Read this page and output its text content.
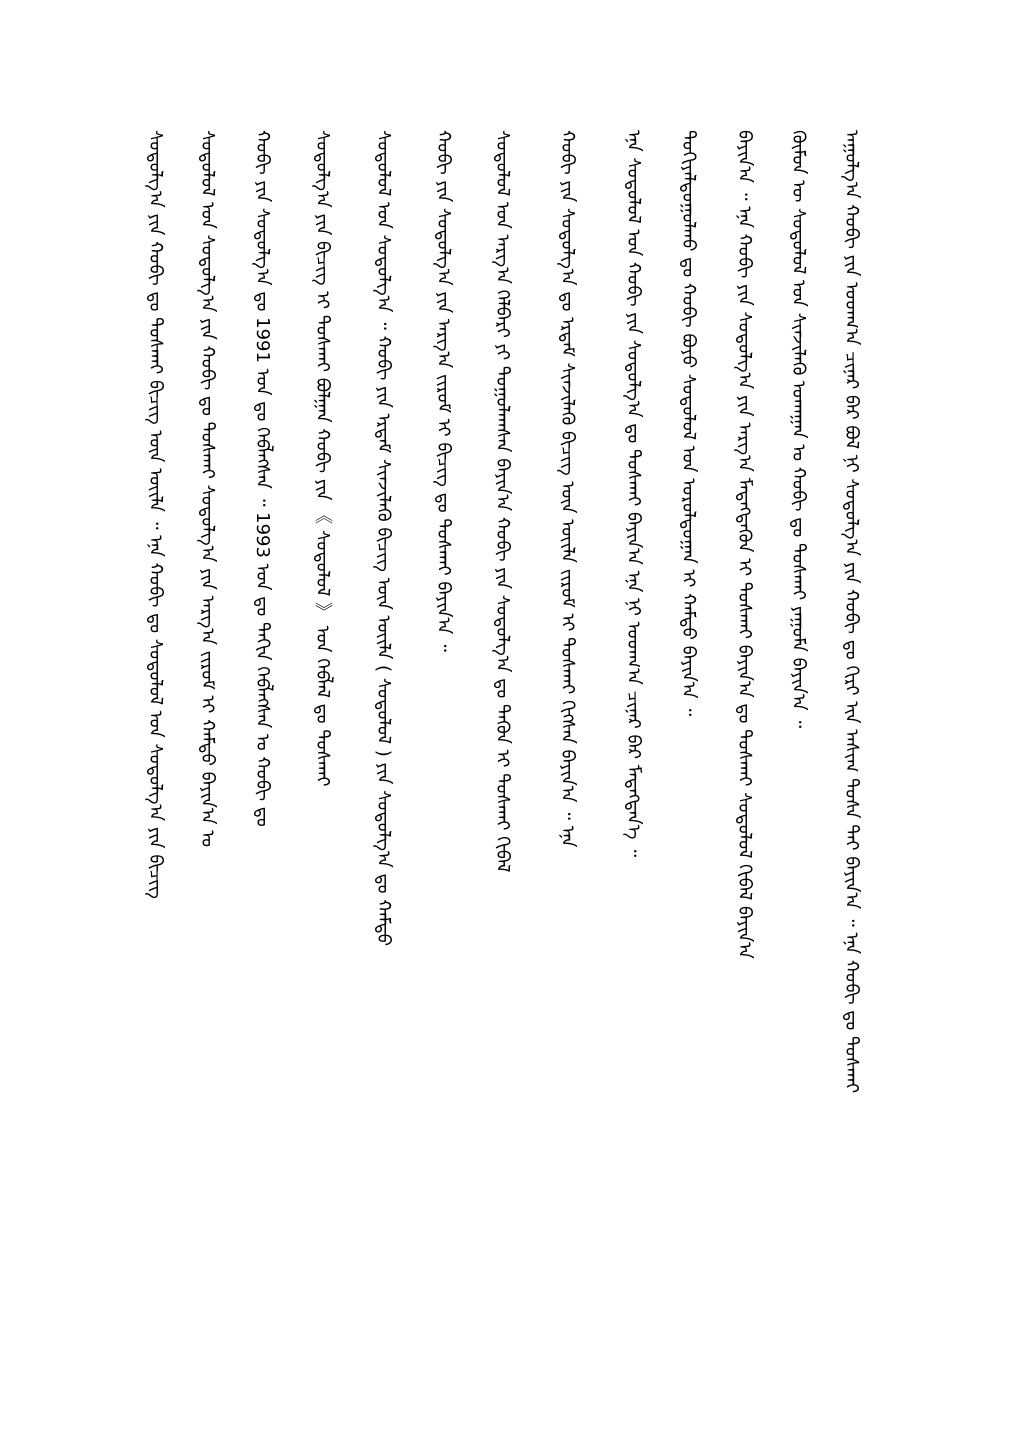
ᠠᠭᠤᠯᠭ᠎ᠠ ᠬᠤᠪᠢ ᠶᠢᠨ ᠤᠳᠬ᠎ᠠ ᠴᠢᠨᠠᠷ ᠪᠠᠷ ᠪᠤᠯ ᠨᠢ ᠰᠤᠳᠤᠯᠭ᠎ᠠ ᠶᠢᠨ ᠬᠤᠪᠢ ᠳᠤ ᠬᠢᠷᠢ ᠢᠨ ᠠᠰᠢᠭ ᠲᠤᠰᠠ ᠲᠠᠢ ᠪᠠᠶᠢᠨ᠎ᠠ ᠃ ᠡᠨᠡ ᠬᠤᠪᠢ ᠳᠤ ᠲᠤᠰᠬᠠᠢ
ᠬᠦᠮᠦᠨ ᠦ ᠰᠤᠳᠤᠯᠤᠯ ᠤᠨ ᠰᠢᠨᠵᠢᠯᠡᠬᠦ ᠤᠬᠠᠭᠠᠨ ᠤ ᠬᠤᠪᠢ ᠳᠤ ᠲᠤᠰᠬᠠᠢ ᠶᠠᠭᠤᠮᠠ ᠪᠠᠶᠢᠨ᠎ᠠ ᠃
ᠪᠠᠶᠢᠨ᠎ᠠ ᠃ ᠡᠨᠡ ᠬᠤᠪᠢ ᠶᠢᠨ ᠰᠤᠳᠤᠯᠭ᠎ᠠ ᠶᠢᠨ ᠠᠷᠭ᠎ᠠ ᠮᠡᠳᠡᠭᠳᠡᠬᠦᠨ ᠢ ᠲᠤᠰᠬᠠᠢ ᠪᠠᠶᠢᠨ᠎ᠠ ᠳᠤ ᠲᠤᠰᠬᠠᠢ ᠰᠤᠳᠤᠯᠤᠯ ᠬᠢᠪᠡᠯ ᠪᠠᠶᠢᠨ᠎ᠠ
ᠳᠤᠬᠢᠶᠠᠯᠳᠤᠭᠤᠯᠬᠤ ᠳᠤ ᠬᠤᠪᠢ ᠪᠤᠶᠤ ᠰᠤᠳᠤᠯᠤᠯ ᠤᠨ ᠤᠷᠤᠯᠳᠤᠭᠠᠨ ᠢ ᠬᠠᠮᠲᠤ ᠪᠠᠶᠢᠨ᠎ᠠ ᠃
ᠡᠨᠡ ᠰᠤᠳᠤᠯᠤᠯ ᠤᠨ ᠬᠤᠪᠢ ᠶᠢᠨ ᠰᠤᠳᠤᠯᠭ᠎ᠠ ᠳᠤ ᠲᠤᠰᠬᠠᠢ ᠪᠠᠶᠢᠨ᠎ᠠ ᠡᠨᠡ ᠨᠢ ᠤᠳᠬ᠎ᠠ ᠴᠢᠨᠠᠷ ᠪᠠᠷ ᠮᠡᠳᠡᠭᠳᠡᠨ᠎ᠡ ᠃
ᠬᠤᠪᠢ ᠶᠢᠨ ᠰᠤᠳᠤᠯᠭ᠎ᠠ ᠳᠤ ᠡᠷᠳᠡᠮ ᠰᠢᠨᠵᠢᠯᠡᠬᠦ ᠪᠢᠴᠢᠭ ᠦᠨ ᠦᠢᠯᠡ ᠵᠢᠷᠤᠮ ᠢ ᠲᠤᠰᠬᠠᠢ ᠬᠢᠭᠰᠡᠨ ᠪᠠᠶᠢᠨ᠎ᠠ ᠃ ᠡᠨᠡ
ᠰᠤᠳᠤᠯᠤᠯ ᠤᠨ ᠠᠷᠭ᠎ᠠ ᠬᠡᠯᠪᠡᠷᠢ ᠶᠢ ᠳᠤᠭᠤᠯᠠᠭᠰᠠᠨ ᠪᠠᠶᠢᠨ᠎ᠠ ᠬᠤᠪᠢ ᠶᠢᠨ ᠰᠤᠳᠤᠯᠭ᠎ᠠ ᠳᠤ ᠳᠡᠬᠦᠨ ᠢ ᠲᠤᠰᠬᠠᠢ ᠬᠢᠪᠡᠯ
ᠬᠤᠪᠢ ᠶᠢᠨ ᠰᠤᠳᠤᠯᠭ᠎ᠠ ᠶᠢᠨ ᠠᠷᠭ᠎ᠠ ᠵᠢᠷᠤᠮ ᠢ ᠪᠢᠴᠢᠭ ᠳᠤ ᠲᠤᠰᠬᠠᠢ ᠪᠠᠶᠢᠨ᠎ᠠ ᠃
ᠰᠤᠳᠤᠯᠤᠯ ᠤᠨ ᠰᠤᠳᠤᠯᠭ᠎ᠠ ᠃ ᠬᠤᠪᠢ ᠶᠢᠨ ᠡᠷᠳᠡᠮ ᠰᠢᠨᠵᠢᠯᠡᠬᠦ ᠪᠢᠴᠢᠭ ᠦᠨ ᠦᠢᠯᠡ ( ᠰᠤᠳᠤᠯᠤᠯ ) ᠶᠢᠨ ᠰᠤᠳᠤᠯᠭ᠎ᠠ ᠳᠤ ᠬᠠᠮᠲᠤ
ᠰᠤᠳᠤᠯᠭ᠎ᠠ ᠶᠢᠨ ᠪᠢᠴᠢᠭ ᠢ ᠲᠤᠰᠬᠠᠢ ᠪᠤᠯᠭᠠᠨ ᠬᠤᠪᠢ ᠶᠢᠨ 《 ᠰᠤᠳᠤᠯᠤᠯ 》 ᠤᠨ ᠬᠡᠪᠯᠡᠯ ᠳᠤ ᠲᠤᠰᠬᠠᠢ
ᠬᠤᠪᠢ ᠶᠢᠨ ᠰᠤᠳᠤᠯᠭ᠎ᠠ ᠳᠤ 1991 ᠣᠨ ᠳᠤ ᠬᠡᠪᠯᠡᠭᠰᠡᠨ ᠃ 1993 ᠣᠨ ᠳᠤ ᠳᠠᠬᠢᠨ ᠬᠡᠪᠯᠡᠭᠰᠡᠨ ᠤ ᠬᠤᠪᠢ ᠳᠤ
ᠰᠤᠳᠤᠯᠤᠯ ᠤᠨ ᠰᠤᠳᠤᠯᠭ᠎ᠠ ᠶᠢᠨ ᠬᠤᠪᠢ ᠳᠤ ᠲᠤᠰᠬᠠᠢ ᠰᠤᠳᠤᠯᠭ᠎ᠠ ᠶᠢᠨ ᠠᠷᠭ᠎ᠠ ᠵᠢᠷᠤᠮ ᠢ ᠬᠠᠮᠲᠤ ᠪᠠᠶᠢᠨ᠎ᠠ ᠤ
ᠰᠤᠳᠤᠯᠭ᠎ᠠ ᠶᠢᠨ ᠬᠤᠪᠢ ᠳᠤ ᠲᠤᠰᠬᠠᠢ ᠪᠢᠴᠢᠭ ᠦᠨ ᠦᠢᠯᠡ ᠃ ᠡᠨᠡ ᠬᠤᠪᠢ ᠳᠤ ᠰᠤᠳᠤᠯᠤᠯ ᠤᠨ ᠰᠤᠳᠤᠯᠭ᠎ᠠ ᠶᠢᠨ ᠪᠢᠴᠢᠭ
